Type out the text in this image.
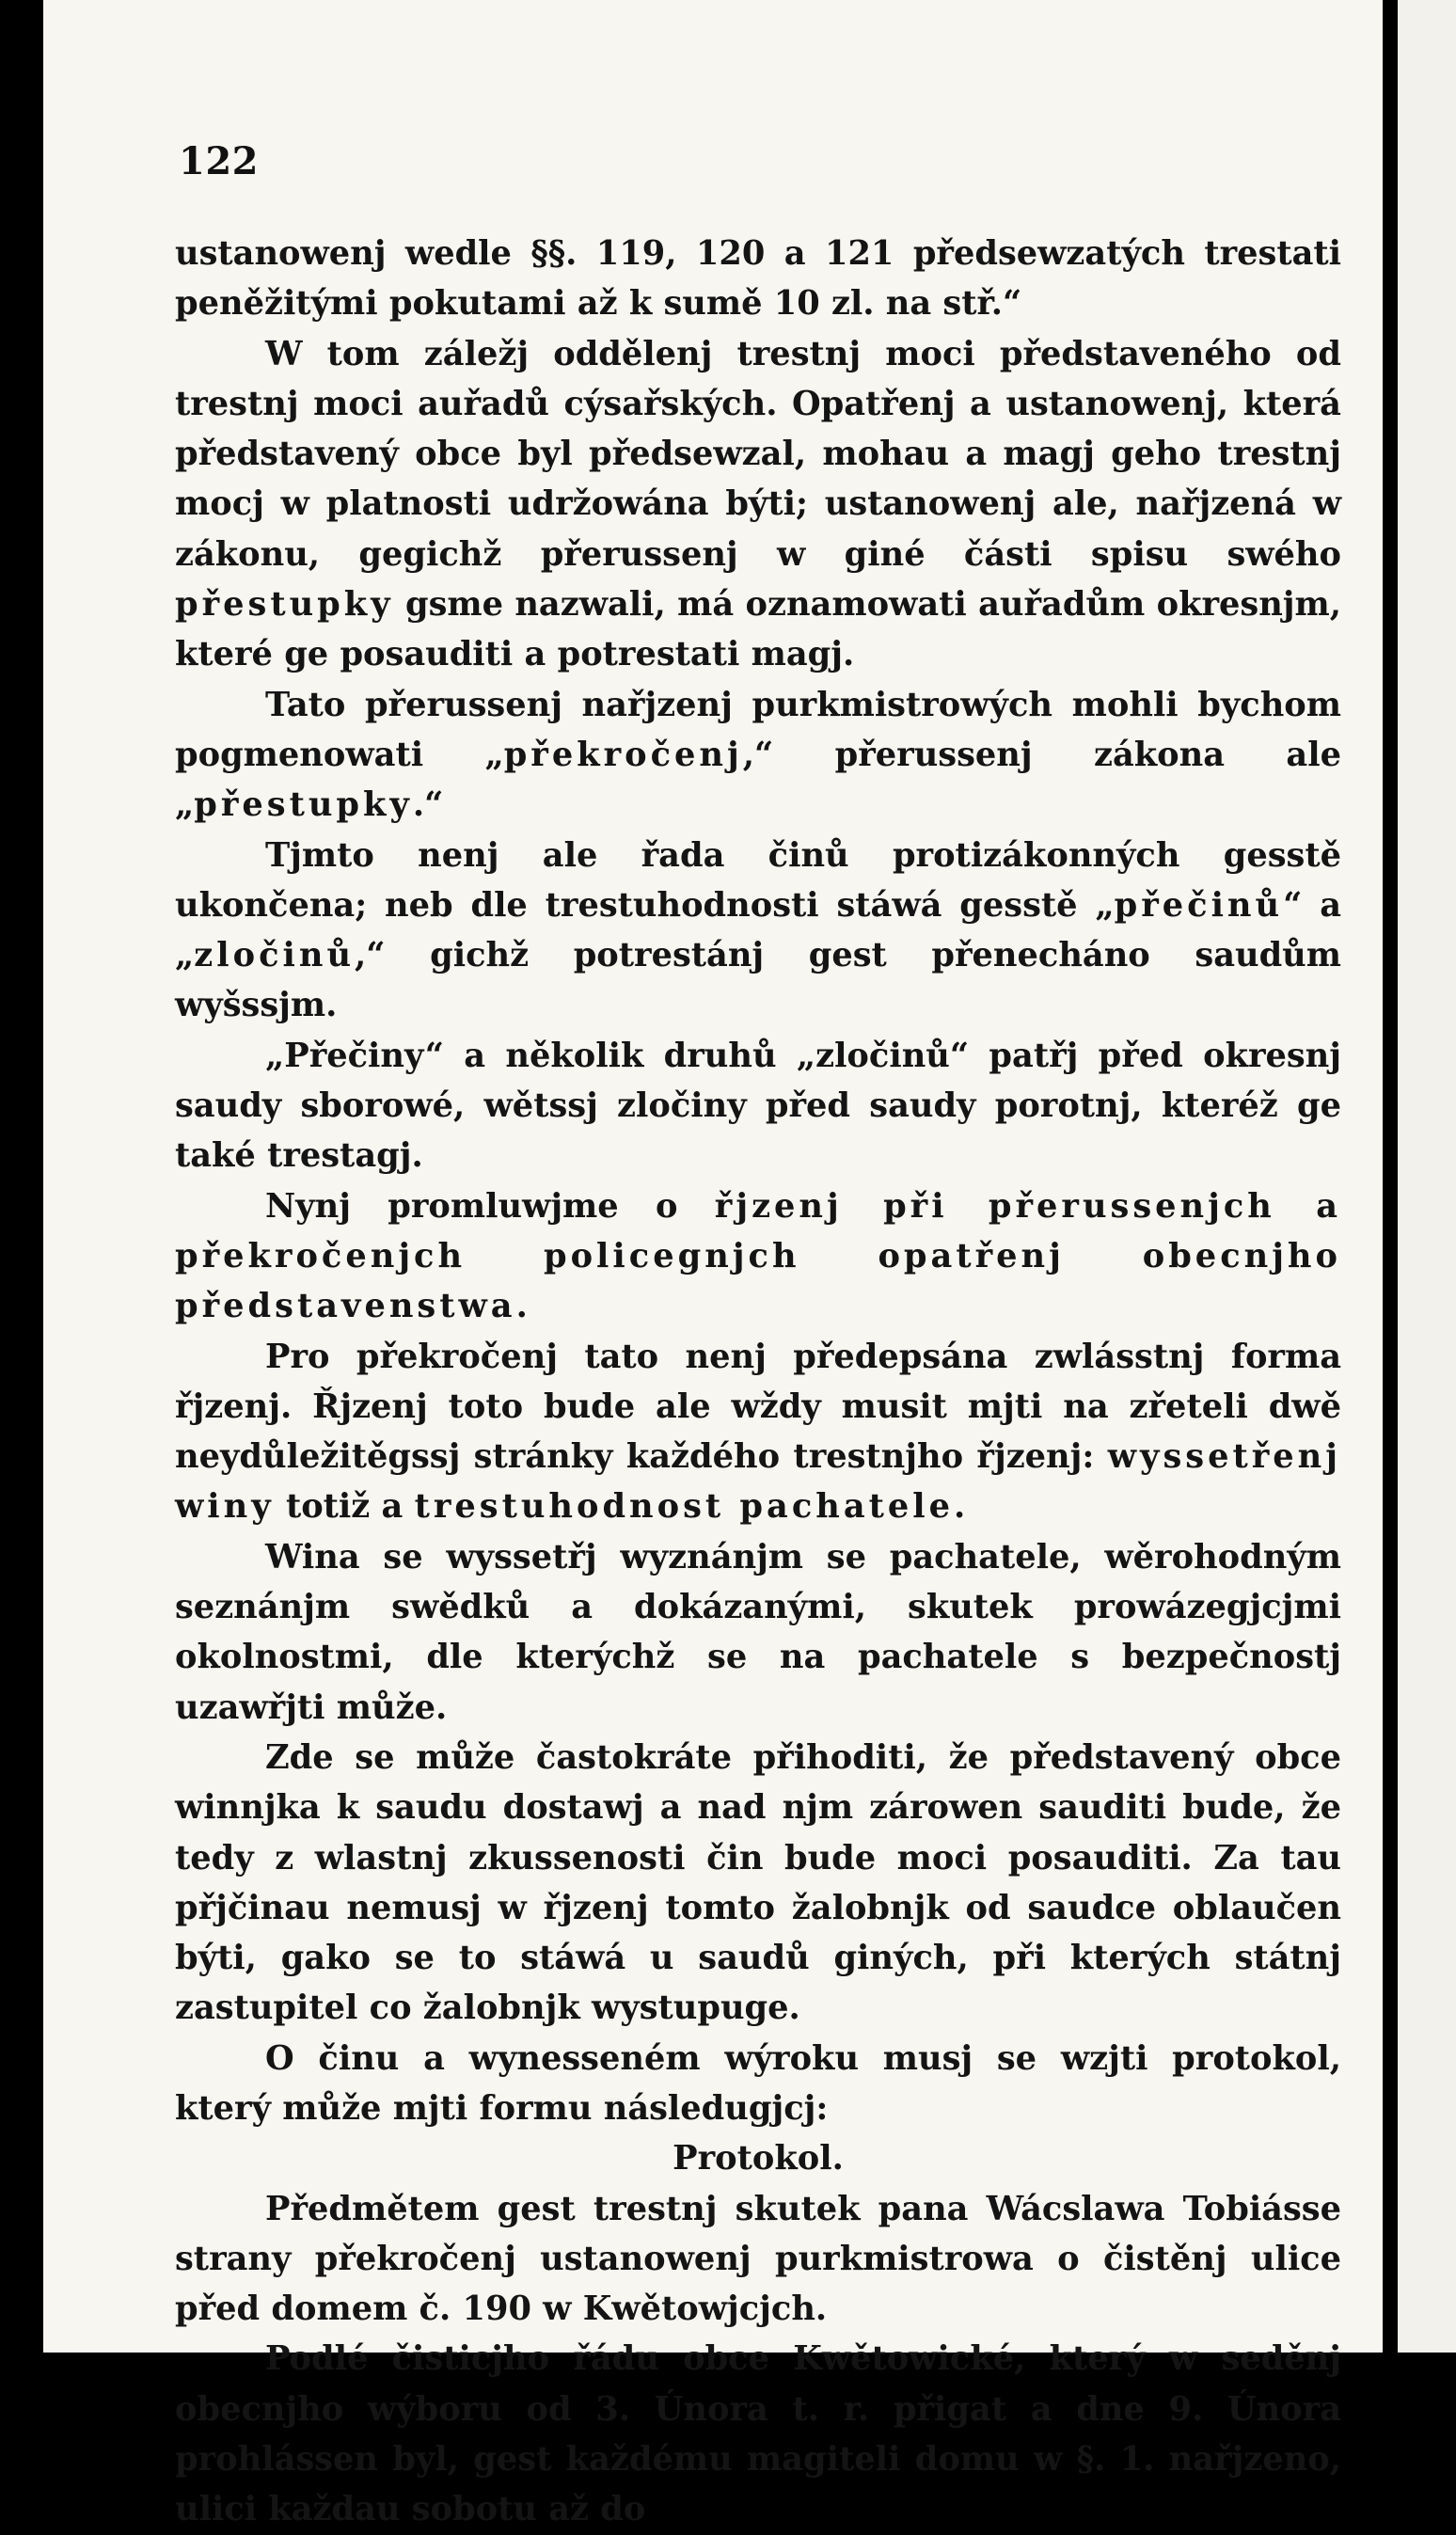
122

ustanowenj wedle §§. 119, 120 a 121 předsewzatých trestati peněžitými pokutami až k sumě 10 zl. na stř.“

W tom záležj oddělenj trestnj moci představeného od trestnj moci auřadů cýsařských. Opatřenj a ustanowenj, která představený obce byl předsewzal, mohau a magj geho trestnj mocj w platnosti udržowána býti; ustanowenj ale, nařjzená w zákonu, gegichž přerussenj w giné části spisu swého přestupky gsme nazwali, má oznamowati auřadům okresnjm, které ge posauditi a potrestati magj.

Tato přerussenj nařjzenj purkmistrowých mohli bychom pogmenowati „překročenj,“ přerussenj zákona ale „přestupky.“

Tjmto nenj ale řada činů protizákonných gesstě ukončena; neb dle trestuhodnosti stáwá gesstě „přečinů“ a „zločinů,“ gichž potrestánj gest přenecháno saudům wyšssjm.

„Přečiny“ a několik druhů „zločinů“ patřj před okresnj saudy sborowé, wětssj zločiny před saudy porotnj, kteréž ge také trestagj.

Nynj promluwjme o řjzenj při přerussenjch a překročenjch policegnjch opatřenj obecnjho představenstwa.

Pro překročenj tato nenj předepsána zwlásstnj forma řjzenj. Řjzenj toto bude ale wždy musit mjti na zřeteli dwě neydůležitěgssj stránky každého trestnjho řjzenj: wyssetřenj winy totiž a trestuhodnost pachatele.

Wina se wyssetřj wyznánjm se pachatele, wěrohodným seznánjm swědků a dokázanými, skutek prowázegjcjmi okolnostmi, dle kterýchž se na pachatele s bezpečnostj uzawřjti může.

Zde se může častokráte přihoditi, že představený obce winnjka k saudu dostawj a nad njm zárowen sauditi bude, že tedy z wlastnj zkussenosti čin bude moci posauditi. Za tau přjčinau nemusj w řjzenj tomto žalobnjk od saudce oblaučen býti, gako se to stáwá u saudů giných, při kterých státnj zastupitel co žalobnjk wystupuge.

O činu a wynesseném wýroku musj se wzjti protokol, který může mjti formu následugjcj:

Protokol.

Předmětem gest trestnj skutek pana Wácslawa Tobiásse strany překročenj ustanowenj purkmistrowa o čistěnj ulice před domem č. 190 w Kwětowjcjch.

Podlé čisticjho řádu obce Kwětowické, který w seděnj obecnjho wýboru od 3. Února t. r. přigat a dne 9. Února prohlássen byl, gest každému magiteli domu w §. 1. nařjzeno, ulici každau sobotu až do
